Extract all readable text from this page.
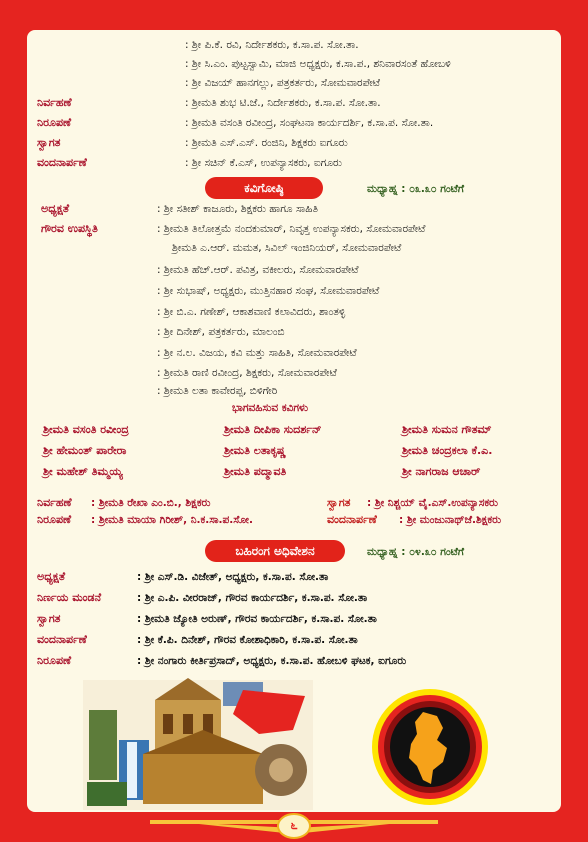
: ಶ್ರೀ ಪಿ.ಕೆ. ರವಿ, ನಿರ್ದೇಶಕರು, ಕ.ಸಾ.ಪ. ಸೋ.ತಾ.
: ಶ್ರೀ ಸಿ.ಎಂ. ಪುಟ್ಟಸ್ವಾಮಿ, ಮಾಜಿ ಅಧ್ಯಕ್ಷರು, ಕ.ಸಾ.ಪ., ಶನಿವಾರಸಂತೆ ಹೋಬಳಿ
: ಶ್ರೀ ವಿಜಯ್ ಹಾನಗಲ್ಲು, ಪತ್ರಕರ್ತರು, ಸೋಮವಾರಪೇಟೆ
ನಿರ್ವಹಣೆ	: ಶ್ರೀಮತಿ ಶುಭ ಟಿ.ಜೆ., ನಿರ್ದೇಶಕರು, ಕ.ಸಾ.ಪ. ಸೋ.ತಾ.
ನಿರೂಪಣೆ	: ಶ್ರೀಮತಿ ವಸಂತಿ ರವೀಂದ್ರ, ಸಂಘಟನಾ ಕಾರ್ಯದರ್ಶಿ, ಕ.ಸಾ.ಪ. ಸೋ.ತಾ.
ಸ್ವಾಗತ	: ಶ್ರೀಮತಿ ಎಸ್.ಎಸ್. ರಂಜಿನಿ, ಶಿಕ್ಷಕರು ಐಗೂರು
ವಂದನಾರ್ಪಣೆ	: ಶ್ರೀ ಸಚಿನ್ ಕೆ.ಎಸ್, ಉಪನ್ಯಾಸಕರು, ಐಗೂರು
ಕವಿಗೋಷ್ಠಿ	ಮಧ್ಯಾಹ್ನ : ೦೩.೩೦ ಗಂಟೆಗೆ
ಅಧ್ಯಕ್ಷತೆ	: ಶ್ರೀ ಸತೀಶ್ ಕಾಜೂರು, ಶಿಕ್ಷಕರು ಹಾಗೂ ಸಾಹಿತಿ
ಗೌರವ ಉಪಸ್ಥಿತಿ	: ಶ್ರೀಮತಿ ತಿಲೋತ್ತಮೆ ನಂದಕುಮಾರ್, ನಿವೃತ್ತ ಉಪನ್ಯಾಸಕರು, ಸೋಮವಾರಪೇಟೆ
ಶ್ರೀಮತಿ ಎ.ಆರ್. ಮಮತ, ಸಿವಿಲ್ ಇಂಜಿನಿಯರ್, ಸೋಮವಾರಪೇಟೆ
: ಶ್ರೀಮತಿ ಹೆಚ್.ಆರ್. ಪವಿತ್ರ, ವಕೀಲರು, ಸೋಮವಾರಪೇಟೆ
: ಶ್ರೀ ಸುಭಾಷ್, ಅಧ್ಯಕ್ಷರು, ಮುತ್ತಿನಹಾರ ಸಂಘ, ಸೋಮವಾರಪೇಟೆ
: ಶ್ರೀ ಬಿ.ಎ. ಗಣೇಶ್, ಆಕಾಶವಾಣಿ ಕಲಾವಿದರು, ಶಾಂತಳ್ಳಿ
: ಶ್ರೀ ದಿನೇಶ್, ಪತ್ರಕರ್ತರು, ಮಾಲಂಬಿ
: ಶ್ರೀ ನ.ಲ. ವಿಜಯ, ಕವಿ ಮತ್ತು ಸಾಹಿತಿ, ಸೋಮವಾರಪೇಟೆ
: ಶ್ರೀಮತಿ ರಾಣಿ ರವೀಂದ್ರ, ಶಿಕ್ಷಕರು, ಸೋಮವಾರಪೇಟೆ
: ಶ್ರೀಮತಿ ಲತಾ ಕಾವೇರಪ್ಪ, ಬಿಳಿಗೇರಿ
ಭಾಗವಹಿಸುವ ಕವಿಗಳು
ಶ್ರೀಮತಿ ವಸಂತಿ ರವೀಂದ್ರ	ಶ್ರೀಮತಿ ದೀಪಿಕಾ ಸುದರ್ಶನ್	ಶ್ರೀಮತಿ ಸುಮನ ಗೌತಮ್
ಶ್ರೀ ಹೇಮಂತ್ ಪಾರೇರಾ	ಶ್ರೀಮತಿ ಲತಾಕೃಷ್ಣ	ಶ್ರೀಮತಿ ಚಂದ್ರಕಲಾ ಕೆ.ಎ.
ಶ್ರೀ ಮಹೇಶ್ ತಿಮ್ಮಯ್ಯ	ಶ್ರೀಮತಿ ಪದ್ಮಾವತಿ	ಶ್ರೀ ನಾಗರಾಜ ಆಚಾರ್
ನಿರ್ವಹಣೆ : ಶ್ರೀಮತಿ ರೇಖಾ ಎಂ.ಬಿ., ಶಿಕ್ಷಕರು	ಸ್ವಾಗತ : ಶ್ರೀ ನಿಶ್ಚಯ್ ವೈ.ಎಸ್.ಉಪನ್ಯಾಸಕರು
ನಿರೂಪಣೆ : ಶ್ರೀಮತಿ ಮಾಯಾ ಗಿರೀಶ್, ನಿ.ಕ.ಸಾ.ಪ.ಸೋ.	ವಂದನಾರ್ಪಣೆ : ಶ್ರೀ ಮಂಜುನಾಥ್‌ಜೆ.ಶಿಕ್ಷಕರು
ಬಹಿರಂಗ ಅಧಿವೇಶನ	ಮಧ್ಯಾಹ್ನ : ೦೪.೩೦ ಗಂಟೆಗೆ
ಅಧ್ಯಕ್ಷತೆ	: ಶ್ರೀ ಎಸ್.ಡಿ. ವಿಜೇತ್, ಅಧ್ಯಕ್ಷರು, ಕ.ಸಾ.ಪ. ಸೋ.ತಾ
ನಿರ್ಣಯ ಮಂಡನೆ	: ಶ್ರೀ ಎ.ಪಿ. ವೀರರಾಜ್, ಗೌರವ ಕಾರ್ಯದರ್ಶಿ, ಕ.ಸಾ.ಪ. ಸೋ.ತಾ
ಸ್ವಾಗತ	: ಶ್ರೀಮತಿ ಜ್ಯೋತಿ ಅರುಣ್, ಗೌರವ ಕಾರ್ಯದರ್ಶಿ, ಕ.ಸಾ.ಪ. ಸೋ.ತಾ
ವಂದನಾರ್ಪಣೆ	: ಶ್ರೀ ಕೆ.ಪಿ. ದಿನೇಶ್, ಗೌರವ ಕೋಶಾಧಿಕಾರಿ, ಕ.ಸಾ.ಪ. ಸೋ.ತಾ
ನಿರೂಪಣೆ	: ಶ್ರೀ ನಂಗಾರು ಕೀರ್ತಿಪ್ರಸಾದ್, ಅಧ್ಯಕ್ಷರು, ಕ.ಸಾ.ಪ. ಹೋಬಳಿ ಘಟಕ, ಐಗೂರು
೬
